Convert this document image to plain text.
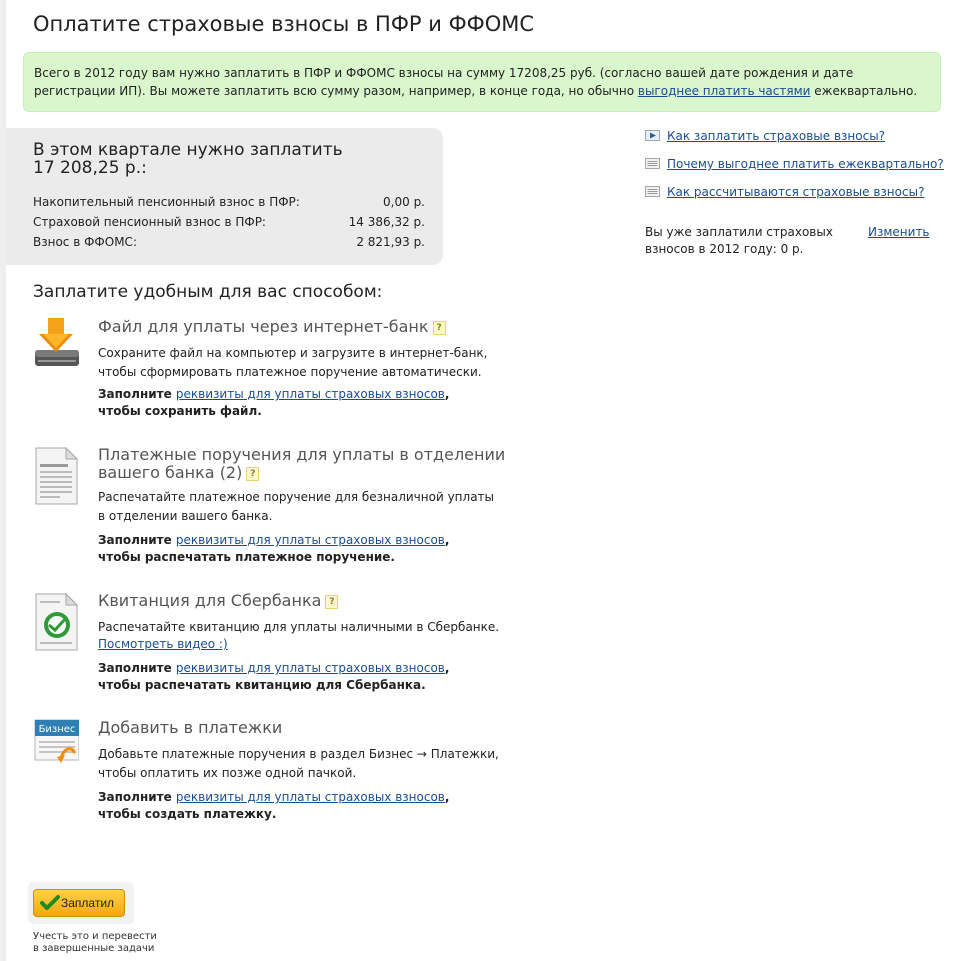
Оплатите страховые взносы в ПФР и ФФОМС
Всего в 2012 году вам нужно заплатить в ПФР и ФФОМС взносы на сумму 17208,25 руб. (согласно вашей дате рождения и дате регистрации ИП). Вы можете заплатить всю сумму разом, например, в конце года, но обычно выгоднее платить частями ежеквартально.
В этом квартале нужно заплатить
17 208,25 р.:
Накопительный пенсионный взнос в ПФР:	0,00 р.
Страховой пенсионный взнос в ПФР:	14 386,32 р.
Взнос в ФФОМС:	2 821,93 р.
Заплатите удобным для вас способом:
Файл для уплаты через интернет-банк ?
Сохраните файл на компьютер и загрузите в интернет-банк,
чтобы сформировать платежное поручение автоматически.
Заполните реквизиты для уплаты страховых взносов,
чтобы сохранить файл.
Платежные поручения для уплаты в отделении
вашего банка (2) ?
Распечатайте платежное поручение для безналичной уплаты
в отделении вашего банка.
Заполните реквизиты для уплаты страховых взносов,
чтобы распечатать платежное поручение.
Квитанция для Сбербанка ?
Распечатайте квитанцию для уплаты наличными в Сбербанке.
Посмотреть видео :)
Заполните реквизиты для уплаты страховых взносов,
чтобы распечатать квитанцию для Сбербанка.
Бизнес Добавить в платежки
Добавьте платежные поручения в раздел Бизнес → Платежки,
чтобы оплатить их позже одной пачкой.
Заполните реквизиты для уплаты страховых взносов,
чтобы создать платежку.
Как заплатить страховые взносы?
Почему выгоднее платить ежеквартально?
Как рассчитываются страховые взносы?
Вы уже заплатили страховых
взносов в 2012 году: 0 р.
Изменить
Заплатил
Учесть это и перевести
в завершенные задачи
